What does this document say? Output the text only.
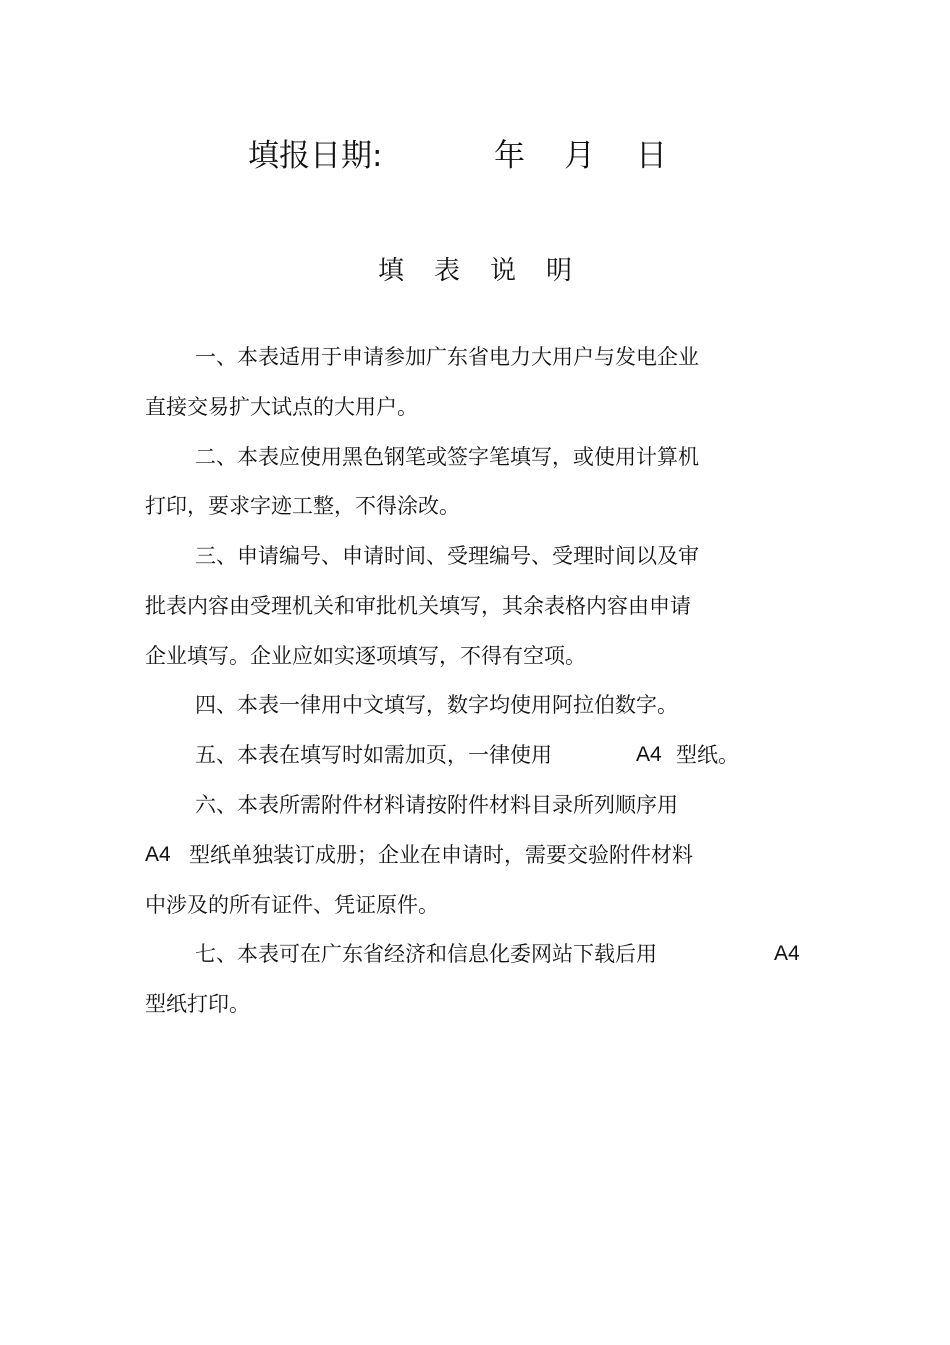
填报日期:	年 月 日
填表说明
一、本表适用于申请参加广东省电力大用户与发电企业
直接交易扩大试点的大用户。
二、本表应使用黑色钢笔或签字笔填写，或使用计算机
打印，要求字迹工整，不得涂改。
三、申请编号、申请时间、受理编号、受理时间以及审
批表内容由受理机关和审批机关填写，其余表格内容由申请
企业填写。企业应如实逐项填写，不得有空项。
四、本表一律用中文填写，数字均使用阿拉伯数字。
五、本表在填写时如需加页，一律使用	A4 型纸。
六、本表所需附件材料请按附件材料目录所列顺序用
A4 型纸单独装订成册；企业在申请时，需要交验附件材料
中涉及的所有证件、凭证原件。
七、本表可在广东省经济和信息化委网站下载后用	A4
型纸打印。
